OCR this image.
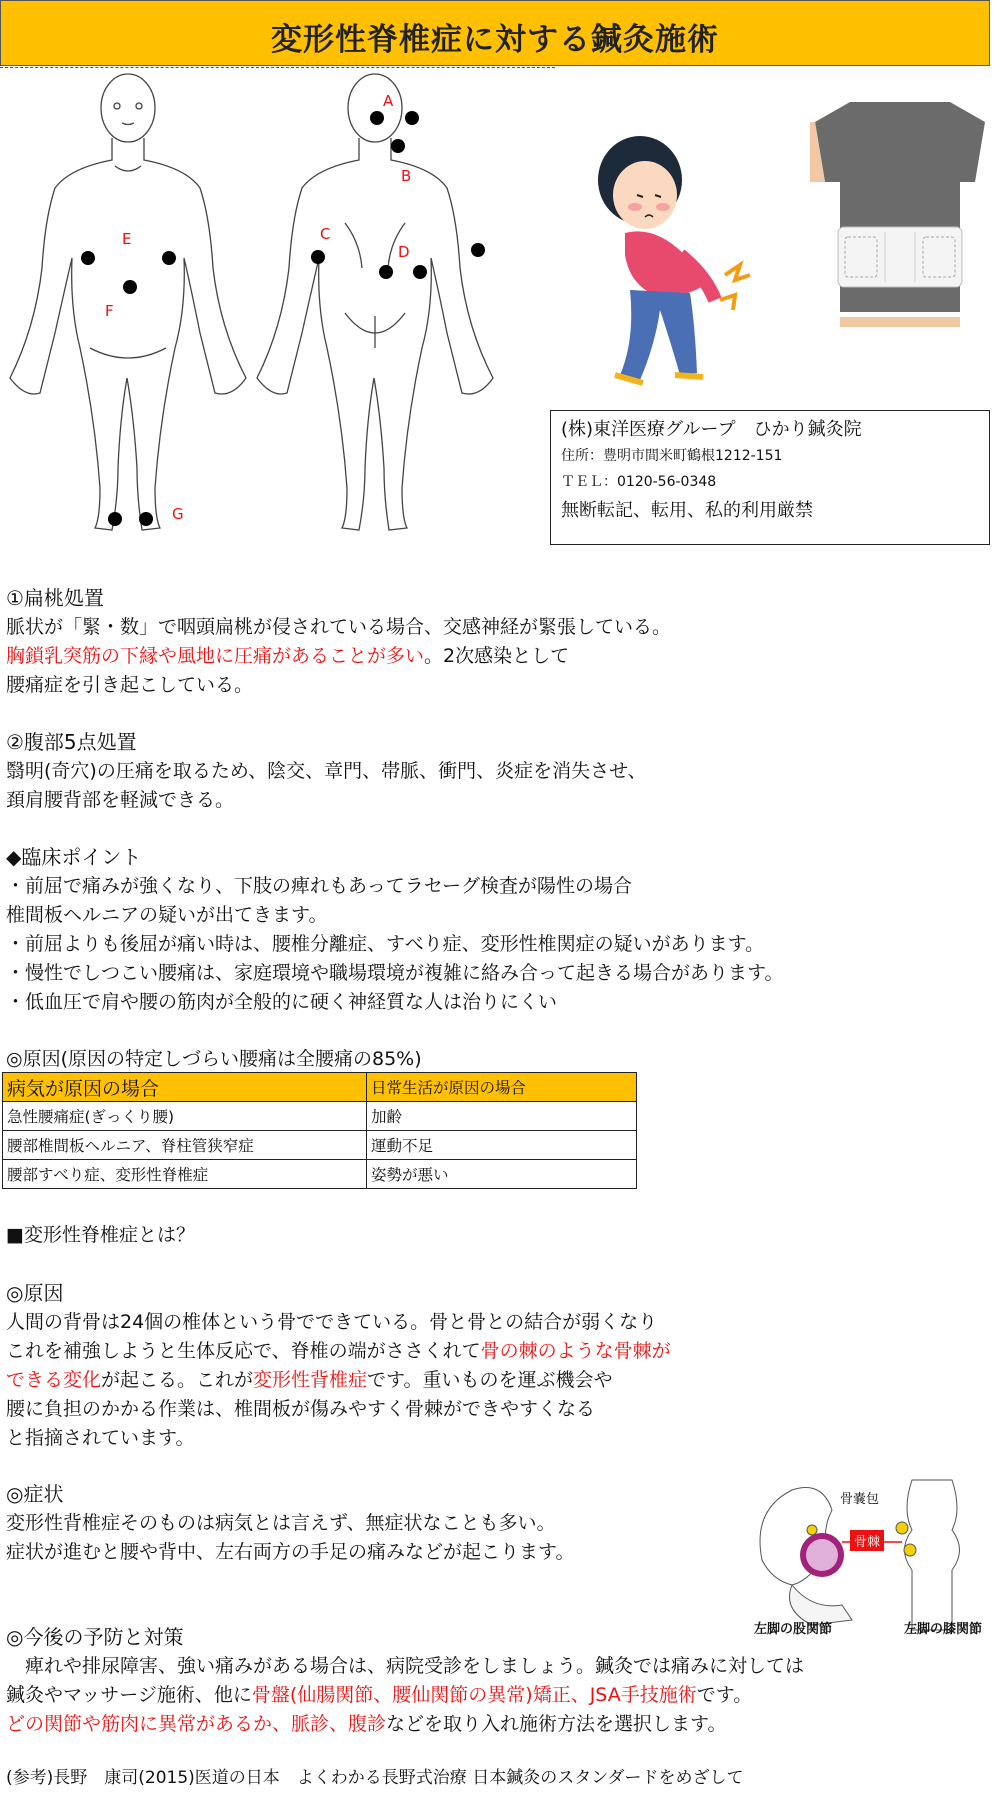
変形性脊椎症に対する鍼灸施術
A
B
C
D
E
F
G
(株)東洋医療グループ　ひかり鍼灸院
住所：豊明市間米町鶴根1212-151
ＴＥＬ：0120-56-0348
無断転記、転用、私的利用厳禁
①扁桃処置
脈状が「緊・数」で咽頭扁桃が侵されている場合、交感神経が緊張している。
胸鎖乳突筋の下縁や風地に圧痛があることが多い。2次感染として
腰痛症を引き起こしている。
②腹部5点処置
翳明(奇穴)の圧痛を取るため、陰交、章門、帯脈、衝門、炎症を消失させ、
頚肩腰背部を軽減できる。
◆臨床ポイント
・前屈で痛みが強くなり、下肢の痺れもあってラセーグ検査が陽性の場合
椎間板ヘルニアの疑いが出てきます。
・前屈よりも後屈が痛い時は、腰椎分離症、すべり症、変形性椎関症の疑いがあります。
・慢性でしつこい腰痛は、家庭環境や職場環境が複雑に絡み合って起きる場合があります。
・低血圧で肩や腰の筋肉が全般的に硬く神経質な人は治りにくい
◎原因(原因の特定しづらい腰痛は全腰痛の85%)
病気が原因の場合	日常生活が原因の場合
急性腰痛症(ぎっくり腰)	加齢
腰部椎間板ヘルニア、脊柱管狭窄症	運動不足
腰部すべり症、変形性脊椎症	姿勢が悪い
■変形性脊椎症とは？
◎原因
人間の背骨は24個の椎体という骨でできている。骨と骨との結合が弱くなり
これを補強しようと生体反応で、脊椎の端がささくれて骨の棘のような骨棘が
できる変化が起こる。これが変形性背椎症です。重いものを運ぶ機会や
腰に負担のかかる作業は、椎間板が傷みやすく骨棘ができやすくなる
と指摘されています。
◎症状
変形性背椎症そのものは病気とは言えず、無症状なことも多い。
症状が進むと腰や背中、左右両方の手足の痛みなどが起こります。
骨嚢包
骨棘
左脚の股関節	左脚の膝関節
◎今後の予防と対策
　痺れや排尿障害、強い痛みがある場合は、病院受診をしましょう。鍼灸では痛みに対しては
鍼灸やマッサージ施術、他に骨盤(仙腸関節、腰仙関節の異常)矯正、JSA手技施術です。
どの関節や筋肉に異常があるか、脈診、腹診などを取り入れ施術方法を選択します。
(参考)長野　康司(2015)医道の日本　よくわかる長野式治療 日本鍼灸のスタンダードをめざして
